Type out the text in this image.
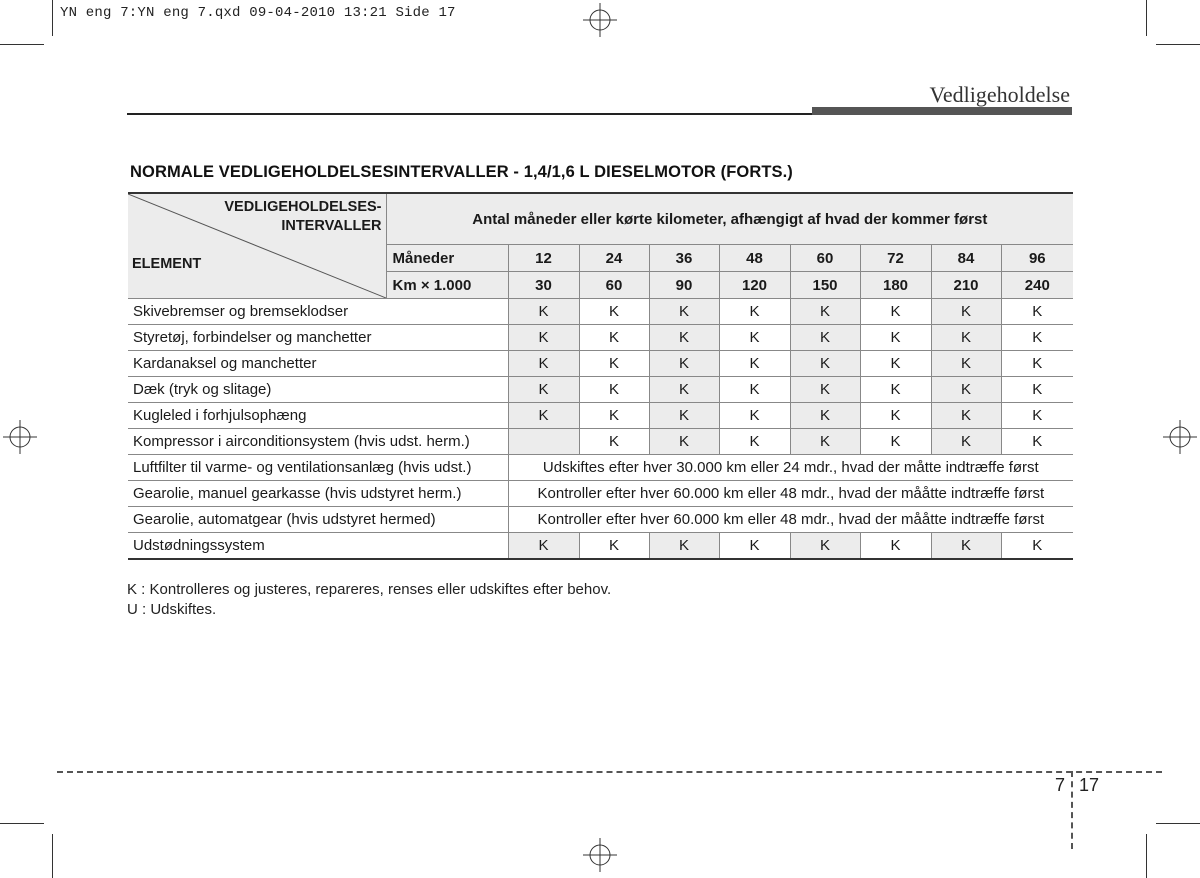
YN eng 7:YN eng 7.qxd 09-04-2010 13:21 Side 17
Vedligeholdelse
NORMALE VEDLIGEHOLDELSESINTERVALLER - 1,4/1,6 L DIESELMOTOR (FORTS.)
VEDLIGEHOLDELSES-
INTERVALLER
ELEMENT	Antal måneder eller kørte kilometer, afhængigt af hvad der kommer først								
	Måneder	12	24	36	48	60	72	84	96
	Km × 1.000	30	60	90	120	150	180	210	240
Skivebremser og bremseklodser		K	K	K	K	K	K	K	K
Styretøj, forbindelser og manchetter		K	K	K	K	K	K	K	K
Kardanaksel og manchetter		K	K	K	K	K	K	K	K
Dæk (tryk og slitage)		K	K	K	K	K	K	K	K
Kugleled i forhjulsophæng		K	K	K	K	K	K	K	K
Kompressor i airconditionsystem (hvis udst. herm.)			K	K	K	K	K	K	K
Luftfilter til varme- og ventilationsanlæg (hvis udst.)		Udskiftes efter hver 30.000 km eller 24 mdr., hvad der måtte indtræffe først							
Gearolie, manuel gearkasse (hvis udstyret herm.)		Kontroller efter hver 60.000 km eller 48 mdr., hvad der mååtte indtræffe først							
Gearolie, automatgear (hvis udstyret hermed)		Kontroller efter hver 60.000 km eller 48 mdr., hvad der mååtte indtræffe først							
Udstødningssystem		K	K	K	K	K	K	K	K
K : Kontrolleres og justeres, repareres, renses eller udskiftes efter behov.
U : Udskiftes.
7 17
